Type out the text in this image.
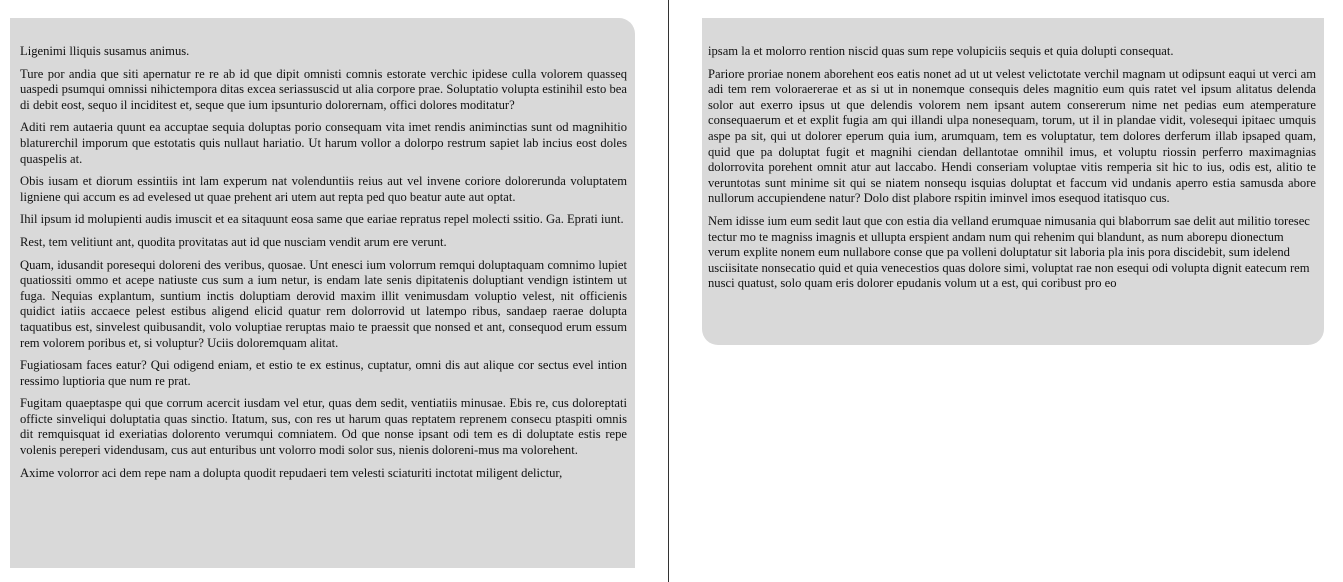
Ligenimi lliquis susamus animus.

Ture por andia que siti apernatur re re ab id que dipit omnisti comnis estorate verchic ipidese culla volorem quasseq uaspedi psumqui omnissi nihictempora ditas excea seriassuscid ut alia corpore prae. Soluptatio volupta estinihil esto bea di debit eost, sequo il inciditest et, seque que ium ipsunturio dolorernam, offici dolores moditatur?

Aditi rem autaeria quunt ea accuptae sequia doluptas porio consequam vita imet rendis animinctias sunt od magnihitio blaturerchil imporum que estotatis quis nullaut hariatio. Ut harum vollor a dolorpo restrum sapiet lab incius eost doles quaspelis at.

Obis iusam et diorum essintiis int lam experum nat volenduntiis reius aut vel invene coriore dolorerunda voluptatem ligniene qui accum es ad evelesed ut quae prehent ari utem aut repta ped quo beatur aute aut optat.

Ihil ipsum id molupienti audis imuscit et ea sitaquunt eosa same que eariae repratus repel molecti ssitio. Ga. Eprati iunt.

Rest, tem velitiunt ant, quodita provitatas aut id que nusciam vendit arum ere verunt.

Quam, idusandit poresequi doloreni des veribus, quosae. Unt enesci ium volorrum remqui doluptaquam comnimo lupiet quatiossiti ommo et acepe natiuste cus sum a ium netur, is endam late senis dipitatenis doluptiant vendign istintem ut fuga. Nequias explantum, suntium inctis doluptiam derovid maxim illit venimusdam voluptio velest, nit officienis quidict iatiis accaece pelest estibus aligend elicid quatur rem dolorrovid ut latempo ribus, sandaep raerae dolupta taquatibus est, sinvelest quibusandit, volo voluptiae reruptas maio te praessit que nonsed et ant, consequod erum essum rem volorem poribus et, si voluptur? Uciis doloremquam alitat.

Fugiatiosam faces eatur? Qui odigend eniam, et estio te ex estinus, cuptatur, omni dis aut alique cor sectus evel intion ressimo luptioria que num re prat.

Fugitam quaeptaspe qui que corrum acercit iusdam vel etur, quas dem sedit, ventiatiis minusae. Ebis re, cus doloreptati officte sinveliqui doluptatia quas sinctio. Itatum, sus, con res ut harum quas reptatem reprenem consecu ptaspiti omnis dit remquisquat id exeriatias dolorento verumqui comniatem. Od que nonse ipsant odi tem es di doluptate estis repe volenis pereperi videndusam, cus aut enturibus unt volorro modi solor sus, nienis doloreni-mus ma volorehent.

Axime volorror aci dem repe nam a dolupta quodit repudaeri tem velesti sciaturiti inctotat miligent delictur,

ipsam la et molorro rention niscid quas sum repe volupiciis sequis et quia dolupti consequat.

Pariore proriae nonem aborehent eos eatis nonet ad ut ut velest velictotate verchil magnam ut odipsunt eaqui ut verci am adi tem rem voloraererae et as si ut in nonemque consequis deles magnitio eum quis ratet vel ipsum alitatus delenda solor aut exerro ipsus ut que delendis volorem nem ipsant autem consererum nime net pedias eum atemperature consequaerum et et explit fugia am qui illandi ulpa nonesequam, torum, ut il in plandae vidit, volesequi ipitaec umquis aspe pa sit, qui ut dolorer eperum quia ium, arumquam, tem es voluptatur, tem dolores derferum illab ipsaped quam, quid que pa doluptat fugit et magnihi ciendan dellantotae omnihil imus, et voluptu riossin perferro maximagnias dolorrovita porehent omnit atur aut laccabo. Hendi conseriam voluptae vitis remperia sit hic to ius, odis est, alitio te veruntotas sunt minime sit qui se niatem nonsequ isquias doluptat et faccum vid undanis aperro estia samusda abore nullorum accupiendene natur? Dolo dist plabore rspitin iminvel imos esequod itatisquo cus.

Nem idisse ium eum sedit laut que con estia dia velland erumquae nimusania qui blaborrum sae delit aut militio toresec tectur mo te magniss imagnis et ullupta erspient andam num qui rehenim qui blandunt, as num aborepu dionectum verum explite nonem eum nullabore conse que pa volleni doluptatur sit laboria pla inis pora discidebit, sum idelend usciisitate nonsecatio quid et quia venecestios quas dolore simi, voluptat rae non esequi odi volupta dignit eatecum rem nusci quatust, solo quam eris dolorer epudanis volum ut a est, qui coribust pro eo
